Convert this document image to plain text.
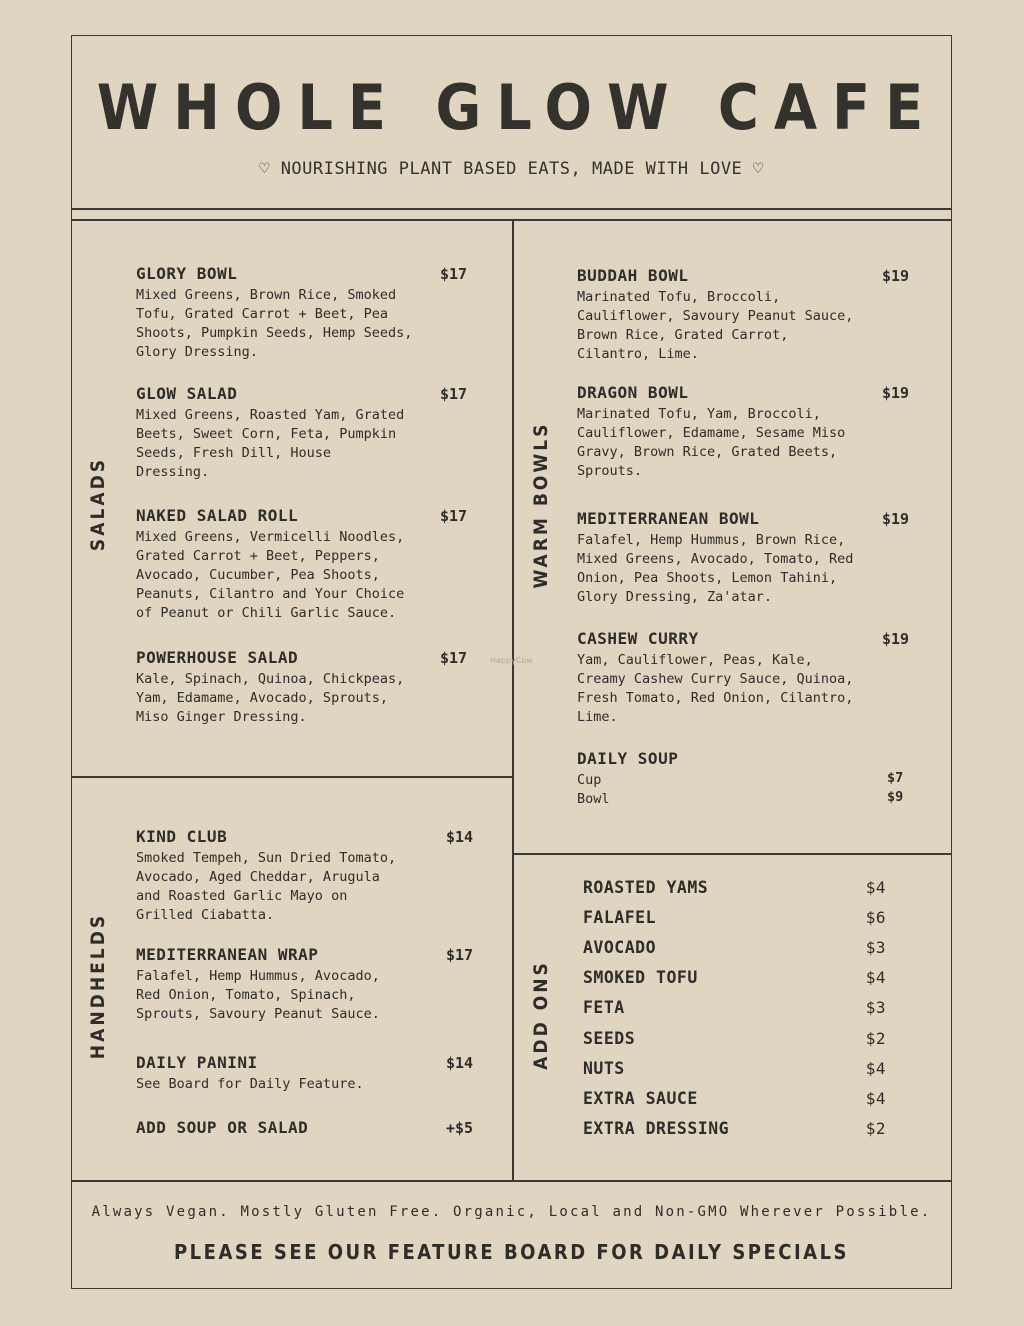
WHOLE GLOW CAFE
♡ NOURISHING PLANT BASED EATS, MADE WITH LOVE ♡
SALADS
GLORY BOWL	$17
Mixed Greens, Brown Rice, Smoked
Tofu, Grated Carrot + Beet, Pea
Shoots, Pumpkin Seeds, Hemp Seeds,
Glory Dressing.
GLOW SALAD	$17
Mixed Greens, Roasted Yam, Grated
Beets, Sweet Corn, Feta, Pumpkin
Seeds, Fresh Dill, House
Dressing.
NAKED SALAD ROLL	$17
Mixed Greens, Vermicelli Noodles,
Grated Carrot + Beet, Peppers,
Avocado, Cucumber, Pea Shoots,
Peanuts, Cilantro and Your Choice
of Peanut or Chili Garlic Sauce.
POWERHOUSE SALAD	$17
Kale, Spinach, Quinoa, Chickpeas,
Yam, Edamame, Avocado, Sprouts,
Miso Ginger Dressing.
HANDHELDS
KIND CLUB	$14
Smoked Tempeh, Sun Dried Tomato,
Avocado, Aged Cheddar, Arugula
and Roasted Garlic Mayo on
Grilled Ciabatta.
MEDITERRANEAN WRAP	$17
Falafel, Hemp Hummus, Avocado,
Red Onion, Tomato, Spinach,
Sprouts, Savoury Peanut Sauce.
DAILY PANINI	$14
See Board for Daily Feature.
ADD SOUP OR SALAD	+$5
WARM BOWLS
BUDDAH BOWL	$19
Marinated Tofu, Broccoli,
Cauliflower, Savoury Peanut Sauce,
Brown Rice, Grated Carrot,
Cilantro, Lime.
DRAGON BOWL	$19
Marinated Tofu, Yam, Broccoli,
Cauliflower, Edamame, Sesame Miso
Gravy, Brown Rice, Grated Beets,
Sprouts.
MEDITERRANEAN BOWL	$19
Falafel, Hemp Hummus, Brown Rice,
Mixed Greens, Avocado, Tomato, Red
Onion, Pea Shoots, Lemon Tahini,
Glory Dressing, Za'atar.
CASHEW CURRY	$19
Yam, Cauliflower, Peas, Kale,
Creamy Cashew Curry Sauce, Quinoa,
Fresh Tomato, Red Onion, Cilantro,
Lime.
DAILY SOUP
Cup	$7
Bowl	$9
ADD ONS
ROASTED YAMS	$4
FALAFEL	$6
AVOCADO	$3
SMOKED TOFU	$4
FETA	$3
SEEDS	$2
NUTS	$4
EXTRA SAUCE	$4
EXTRA DRESSING	$2
HappyCow
Always Vegan. Mostly Gluten Free. Organic, Local and Non-GMO Wherever Possible.
PLEASE SEE OUR FEATURE BOARD FOR DAILY SPECIALS
